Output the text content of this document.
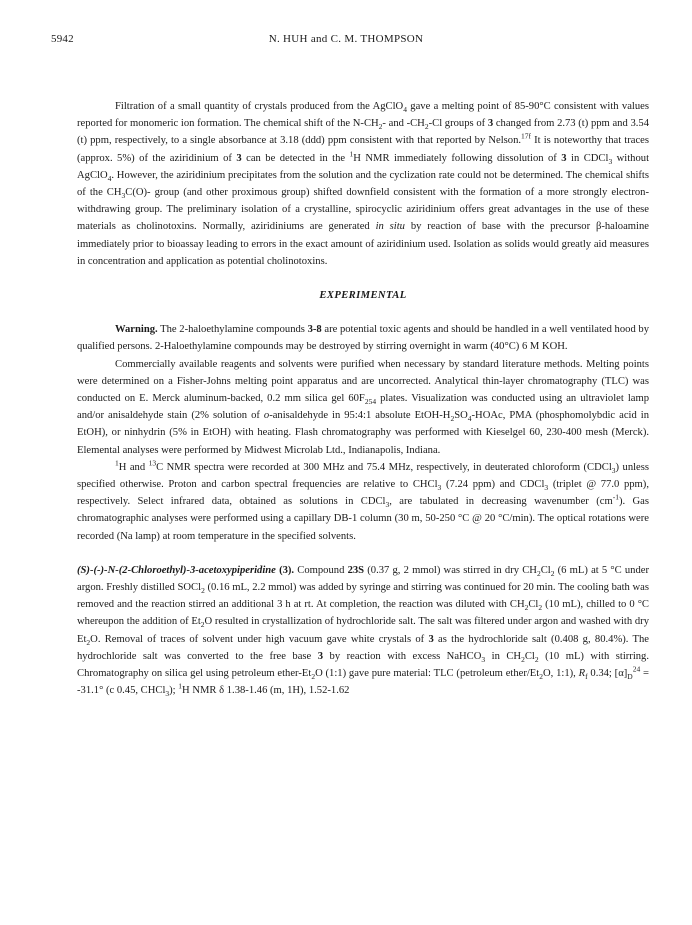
5942	N. HUH and C. M. THOMPSON

Filtration of a small quantity of crystals produced from the AgClO$_4$ gave a melting point of 85-90°C consistent with values reported for monomeric ion formation. The chemical shift of the $N-CH_2-$ and $-CH_2-Cl$ groups of 3 changed from 2.73 (t) ppm and 3.54 (t) ppm, respectively, to a single absorbance at 3.18 (ddd) ppm consistent with that reported by Nelson.$^{17f}$ It is noteworthy that traces (approx. 5%) of the aziridinium of 3 can be detected in the $^1$H NMR immediately following dissolution of 3 in CDCl$_3$ without AgClO$_4$. However, the aziridinium precipitates from the solution and the cyclization rate could not be determined. The chemical shifts of the $CH_3C(O)-$ group (and other proximous group) shifted downfield consistent with the formation of a more strongly electron-withdrawing group. The preliminary isolation of a crystalline, spirocyclic aziridinium offers great advantages in the use of these materials as cholinotoxins. Normally, aziridiniums are generated in situ by reaction of base with the precursor β-haloamine immediately prior to bioassay leading to errors in the exact amount of aziridinium used. Isolation as solids would greatly aid measures in concentration and application as potential cholinotoxins.

EXPERIMENTAL

Warning. The 2-haloethylamine compounds 3-8 are potential toxic agents and should be handled in a well ventilated hood by qualified persons. 2-Haloethylamine compounds may be destroyed by stirring overnight in warm (40°C) 6 M KOH.

Commercially available reagents and solvents were purified when necessary by standard literature methods. Melting points were determined on a Fisher-Johns melting point apparatus and are uncorrected. Analytical thin-layer chromatography (TLC) was conducted on E. Merck aluminum-backed, 0.2 mm silica gel $60F_{254}$ plates. Visualization was conducted using an ultraviolet lamp and/or anisaldehyde stain (2% solution of o-anisaldehyde in 95:4:1 absolute EtOH-$H_2SO_4$-HOAc, PMA (phosphomolybdic acid in EtOH), or ninhydrin (5% in EtOH) with heating. Flash chromatography was performed with Kieselgel 60, 230-400 mesh (Merck). Elemental analyses were performed by Midwest Microlab Ltd., Indianapolis, Indiana.

$^1$H and $^{13}$C NMR spectra were recorded at 300 MHz and 75.4 MHz, respectively, in deuterated chloroform (CDCl$_3$) unless specified otherwise. Proton and carbon spectral frequencies are relative to CHCl$_3$ (7.24 ppm) and CDCl$_3$ (triplet @ 77.0 ppm), respectively. Select infrared data, obtained as solutions in CDCl$_3$, are tabulated in decreasing wavenumber $(cm^{-1})$. Gas chromatographic analyses were performed using a capillary DB-1 column (30 m, 50-250 °C @ 20 °C/min). The optical rotations were recorded (Na lamp) at room temperature in the specified solvents.

(S)-(-)-N-(2-Chloroethyl)-3-acetoxypiperidine (3). Compound 23S (0.37 g, 2 mmol) was stirred in dry $CH_2Cl_2$ (6 mL) at 5 °C under argon. Freshly distilled SOCl$_2$ (0.16 mL, 2.2 mmol) was added by syringe and stirring was continued for 20 min. The cooling bath was removed and the reaction stirred an additional 3 h at rt. At completion, the reaction was diluted with $CH_2Cl_2$ (10 mL), chilled to 0 °C whereupon the addition of $Et_2O$ resulted in crystallization of hydrochloride salt. The salt was filtered under argon and washed with dry $Et_2O$. Removal of traces of solvent under high vacuum gave white crystals of 3 as the hydrochloride salt (0.408 g, 80.4%). The hydrochloride salt was converted to the free base 3 by reaction with excess NaHCO$_3$ in $CH_2Cl_2$ (10 mL) with stirring. Chromatography on silica gel using petroleum ether-$Et_2O$ (1:1) gave pure material: TLC (petroleum ether/$Et_2O$, 1:1), $R_f$ 0.34; $[\alpha]_D^{24} = -31.1^\circ$ (c 0.45, CHCl$_3$); $^1$H NMR δ 1.38-1.46 (m, 1H), 1.52-1.62
